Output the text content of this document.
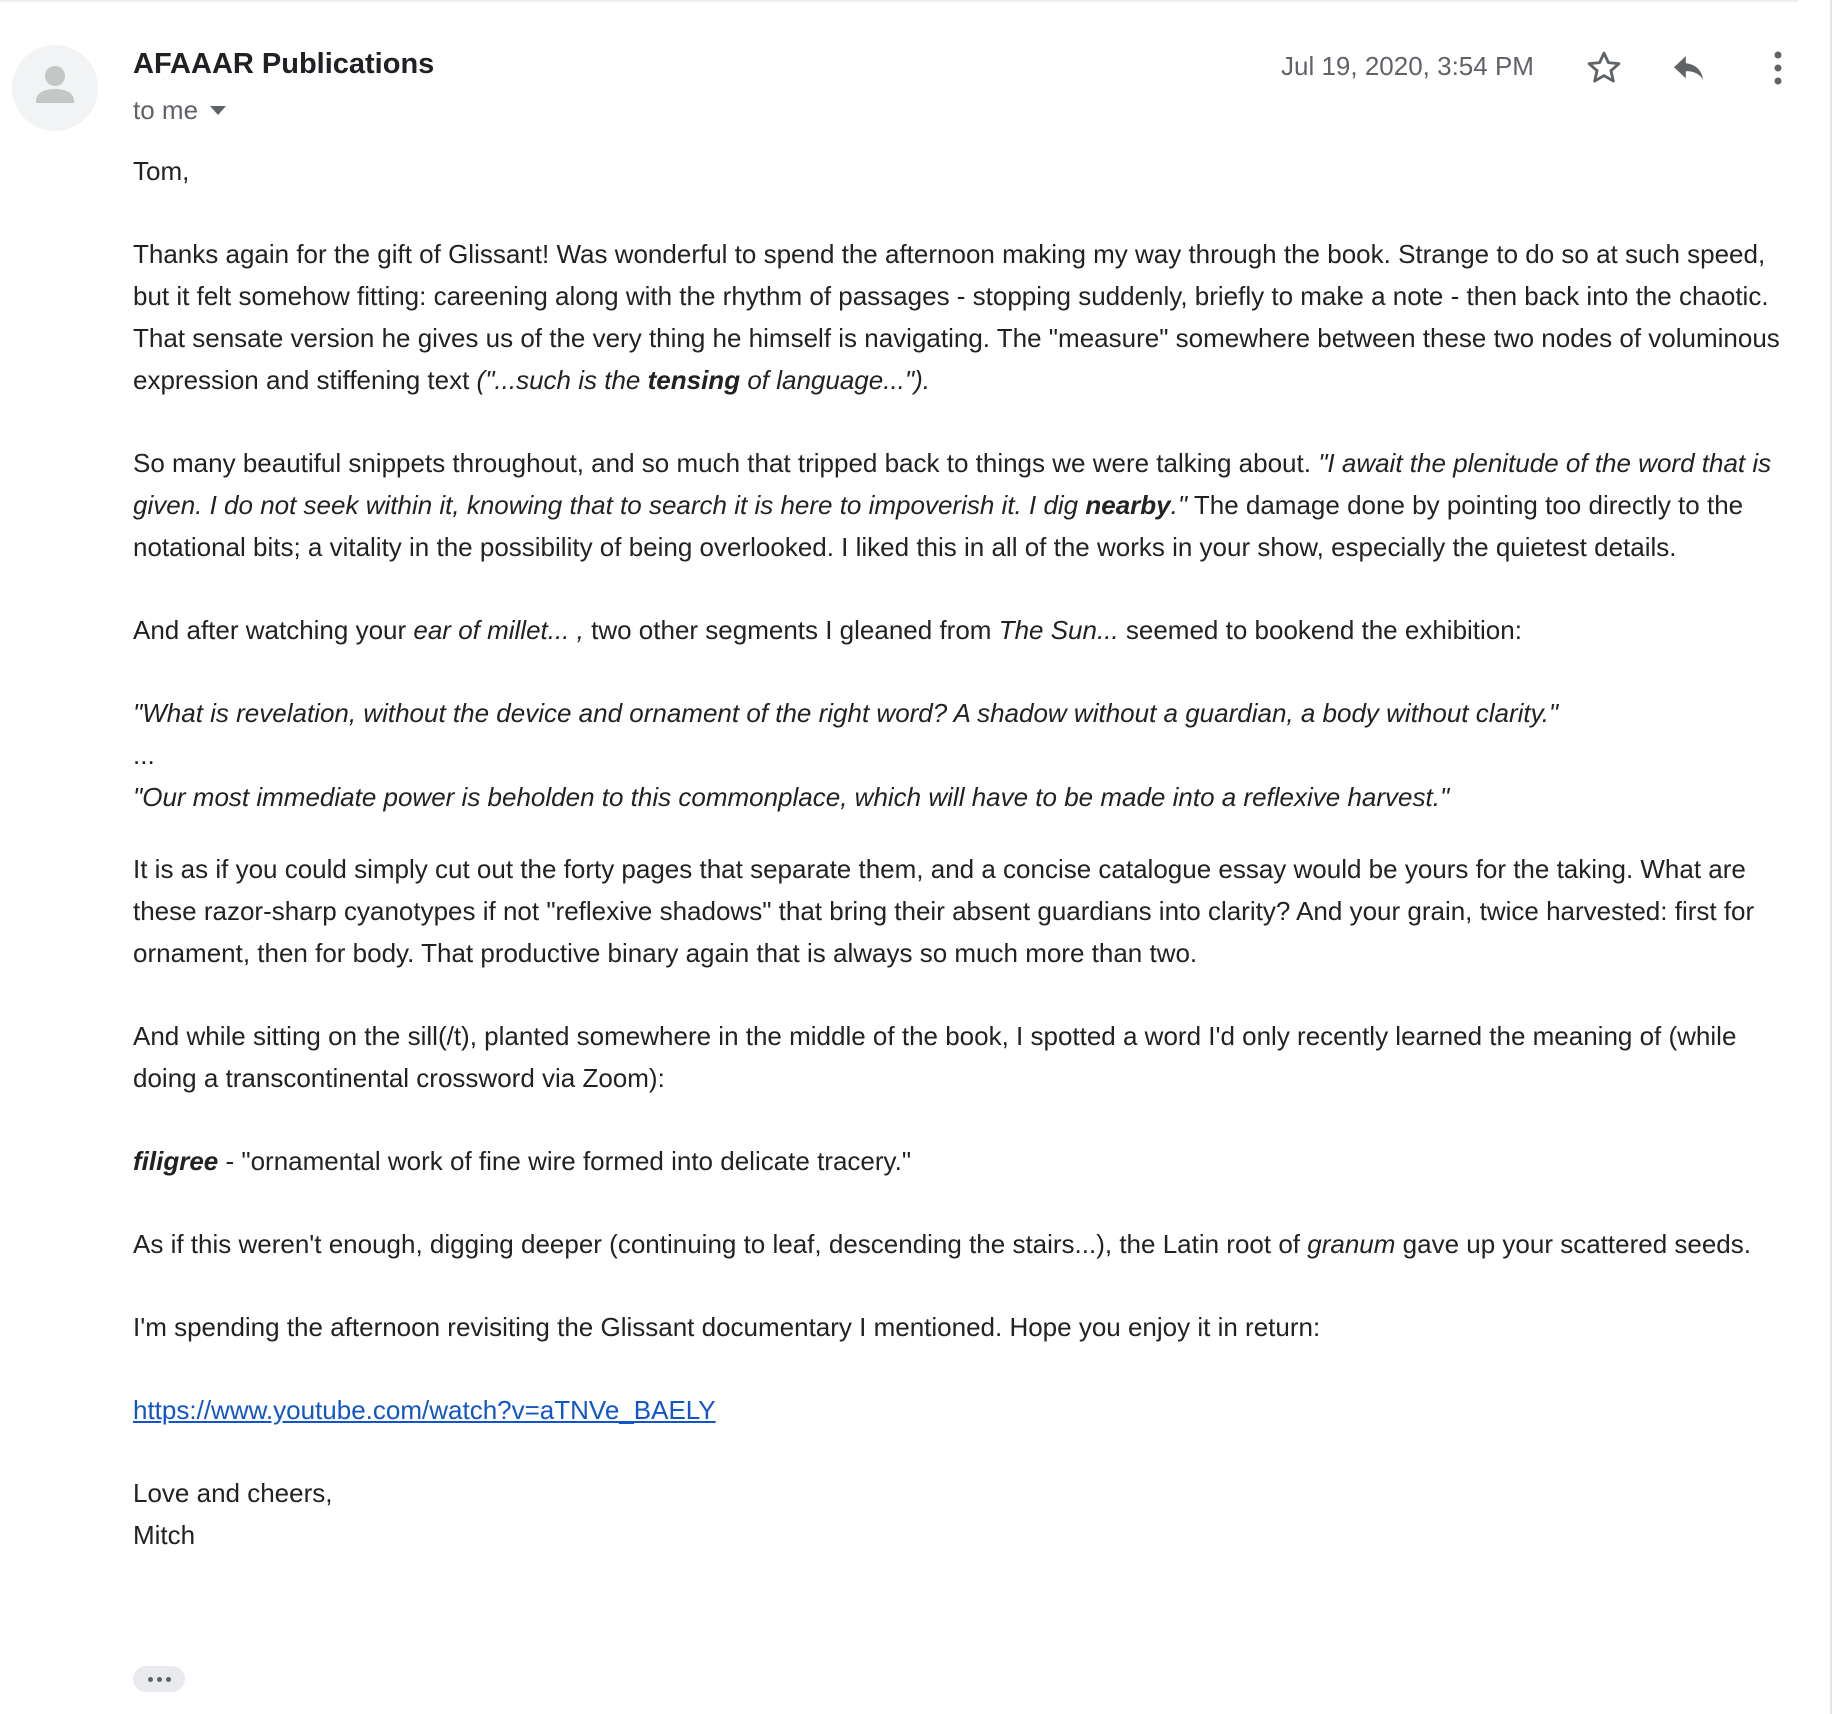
AFAAAR Publications
to me
Jul 19, 2020, 3:54 PM

Tom,

Thanks again for the gift of Glissant! Was wonderful to spend the afternoon making my way through the book. Strange to do so at such speed, but it felt somehow fitting: careening along with the rhythm of passages - stopping suddenly, briefly to make a note - then back into the chaotic. That sensate version he gives us of the very thing he himself is navigating. The "measure" somewhere between these two nodes of voluminous expression and stiffening text ("...such is the tensing of language...").

So many beautiful snippets throughout, and so much that tripped back to things we were talking about. "I await the plenitude of the word that is given. I do not seek within it, knowing that to search it is here to impoverish it. I dig nearby." The damage done by pointing too directly to the notational bits; a vitality in the possibility of being overlooked. I liked this in all of the works in your show, especially the quietest details.

And after watching your ear of millet... , two other segments I gleaned from The Sun... seemed to bookend the exhibition:

"What is revelation, without the device and ornament of the right word? A shadow without a guardian, a body without clarity."

...

"Our most immediate power is beholden to this commonplace, which will have to be made into a reflexive harvest."

It is as if you could simply cut out the forty pages that separate them, and a concise catalogue essay would be yours for the taking. What are these razor-sharp cyanotypes if not "reflexive shadows" that bring their absent guardians into clarity? And your grain, twice harvested: first for ornament, then for body. That productive binary again that is always so much more than two.

And while sitting on the sill(/t), planted somewhere in the middle of the book, I spotted a word I'd only recently learned the meaning of (while doing a transcontinental crossword via Zoom):

filigree - "ornamental work of fine wire formed into delicate tracery."

As if this weren't enough, digging deeper (continuing to leaf, descending the stairs...), the Latin root of granum gave up your scattered seeds.

I'm spending the afternoon revisiting the Glissant documentary I mentioned. Hope you enjoy it in return:

https://www.youtube.com/watch?v=aTNVe_BAELY

Love and cheers,

Mitch
